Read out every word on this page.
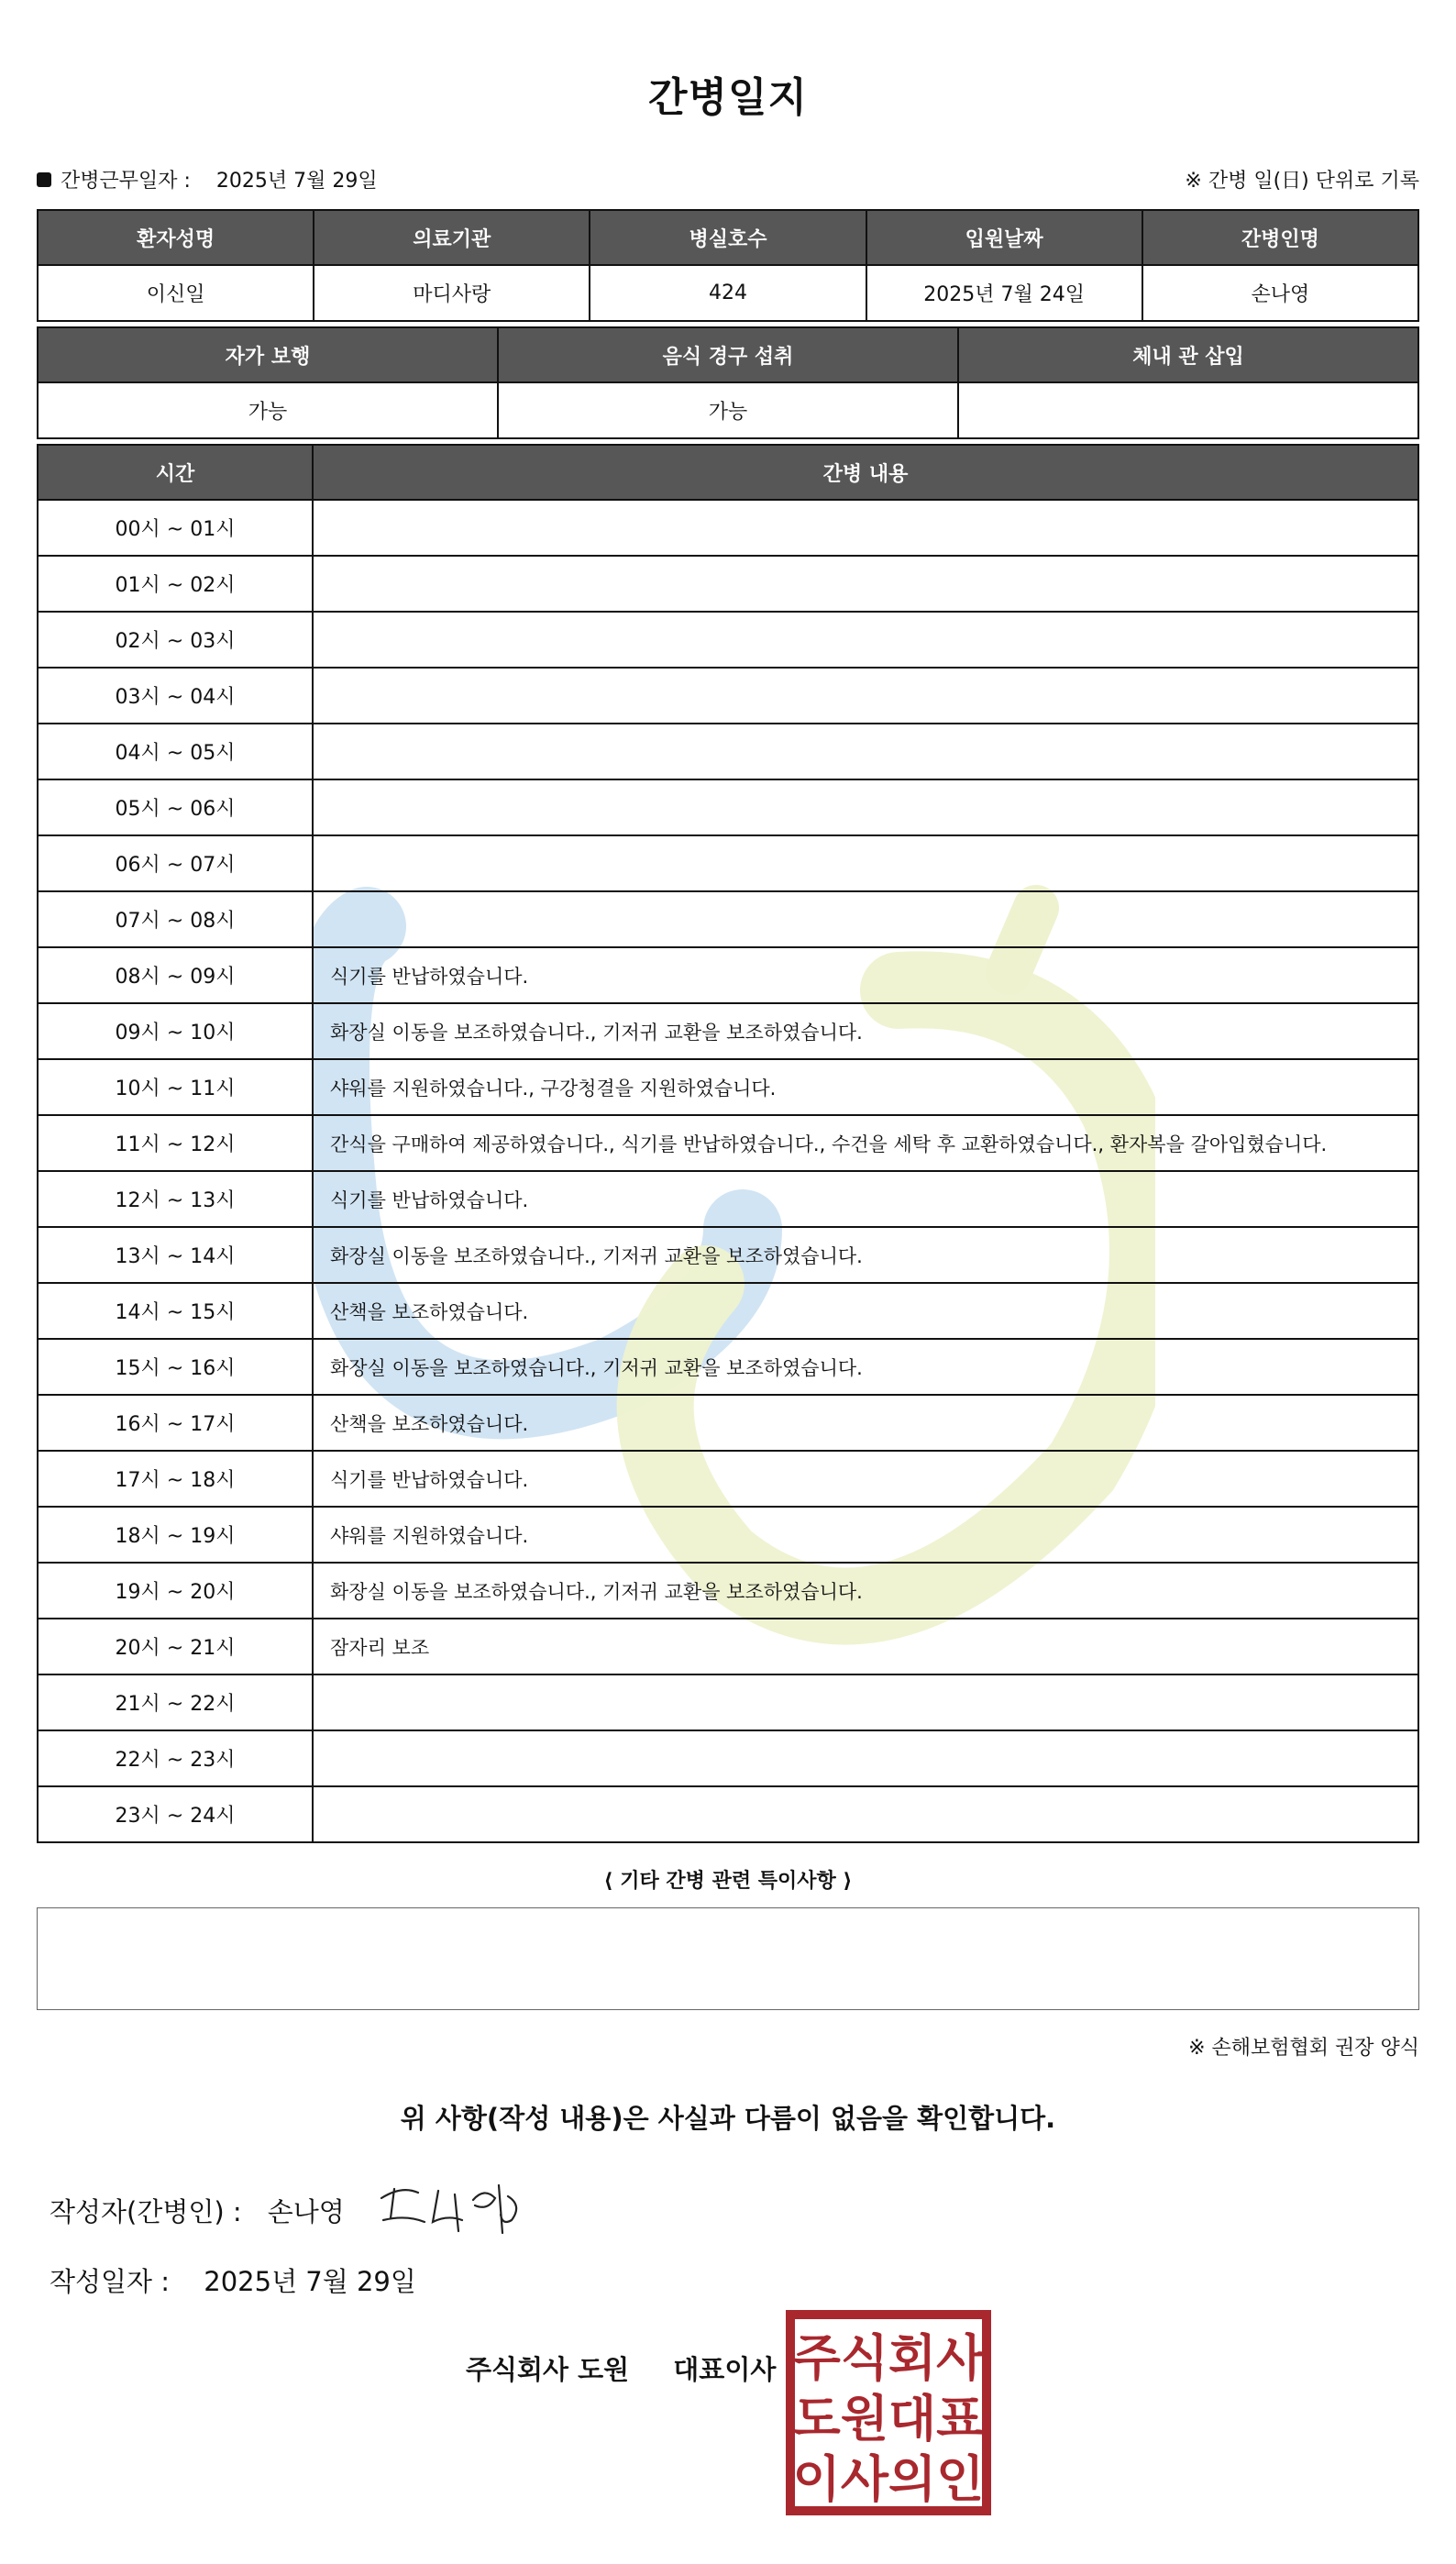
간병일지
간병근무일자 : 2025년 7월 29일	※ 간병 일(日) 단위로 기록
환자성명	의료기관	병실호수	입원날짜	간병인명
이신일	마디사랑	424	2025년 7월 24일	손나영
자가 보행	음식 경구 섭취	체내 관 삽입
가능	가능	
시간	간병 내용
00시 ~ 01시	
01시 ~ 02시	
02시 ~ 03시	
03시 ~ 04시	
04시 ~ 05시	
05시 ~ 06시	
06시 ~ 07시	
07시 ~ 08시	
08시 ~ 09시	식기를 반납하였습니다.
09시 ~ 10시	화장실 이동을 보조하였습니다., 기저귀 교환을 보조하였습니다.
10시 ~ 11시	샤워를 지원하였습니다., 구강청결을 지원하였습니다.
11시 ~ 12시	간식을 구매하여 제공하였습니다., 식기를 반납하였습니다., 수건을 세탁 후 교환하였습니다., 환자복을 갈아입혔습니다.
12시 ~ 13시	식기를 반납하였습니다.
13시 ~ 14시	화장실 이동을 보조하였습니다., 기저귀 교환을 보조하였습니다.
14시 ~ 15시	산책을 보조하였습니다.
15시 ~ 16시	화장실 이동을 보조하였습니다., 기저귀 교환을 보조하였습니다.
16시 ~ 17시	산책을 보조하였습니다.
17시 ~ 18시	식기를 반납하였습니다.
18시 ~ 19시	샤워를 지원하였습니다.
19시 ~ 20시	화장실 이동을 보조하였습니다., 기저귀 교환을 보조하였습니다.
20시 ~ 21시	잠자리 보조
21시 ~ 22시	
22시 ~ 23시	
23시 ~ 24시	
⟨ 기타 간병 관련 특이사항 ⟩
※ 손해보험협회 권장 양식
위 사항(작성 내용)은 사실과 다름이 없음을 확인합니다.
작성자(간병인) : 손나영
작성일자 : 2025년 7월 29일
주식회사 도원 대표이사 주식회사
도원대표
이사의인
